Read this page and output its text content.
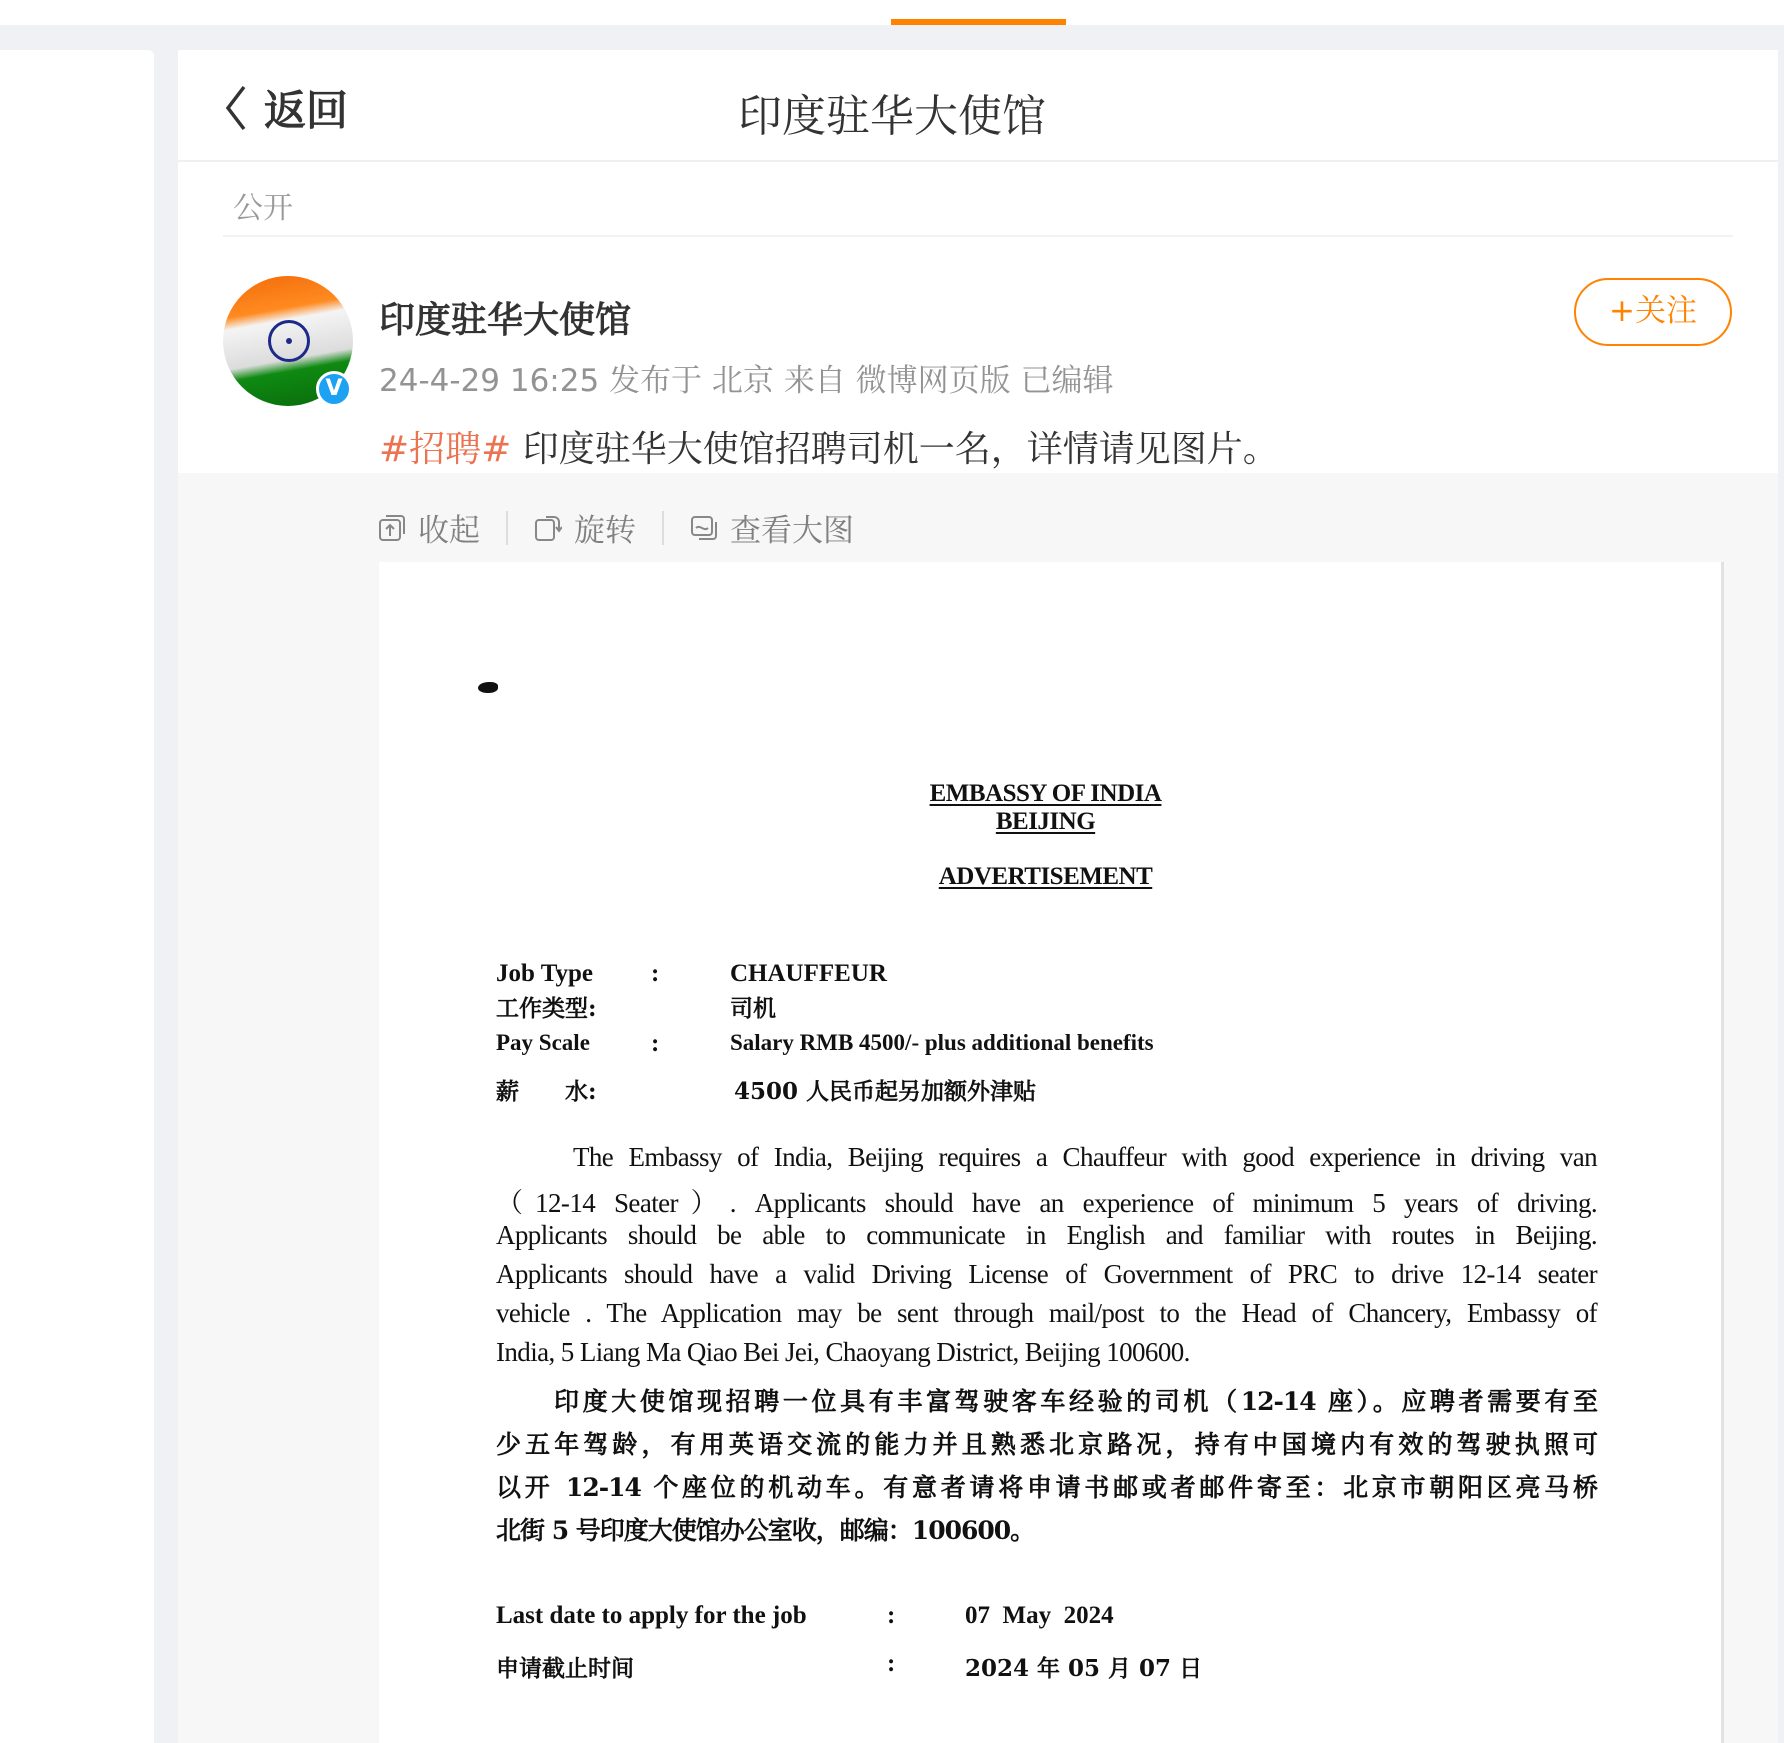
返回	印度驻华大使馆
公开
V
印度驻华大使馆
24-4-29 16:25 发布于 北京 来自 微博网页版 已编辑
+关注
#招聘# 印度驻华大使馆招聘司机一名，详情请见图片。
收起	旋转	查看大图
EMBASSY OF INDIA
BEIJING
ADVERTISEMENT
Job Type :	CHAUFFEUR
工作类型:	司机
Pay Scale :	Salary RMB 4500/- plus additional benefits
薪　　水:	4500 人民币起另加额外津贴
The Embassy of India, Beijing requires a Chauffeur with good experience in driving van
（12-14 Seater）. Applicants should have an experience of minimum 5 years of driving.
Applicants should be able to communicate in English and familiar with routes in Beijing.
Applicants should have a valid Driving License of Government of PRC to drive 12-14 seater
vehicle . The Application may be sent through mail/post to the Head of Chancery, Embassy of
India, 5 Liang Ma Qiao Bei Jei, Chaoyang District, Beijing 100600.
印度大使馆现招聘一位具有丰富驾驶客车经验的司机（12-14 座）。应聘者需要有至
少五年驾龄，有用英语交流的能力并且熟悉北京路况，持有中国境内有效的驾驶执照可
以开 12-14 个座位的机动车。有意者请将申请书邮或者邮件寄至：北京市朝阳区亮马桥
北街 5 号印度大使馆办公室收，邮编：100600。
Last date to apply for the job	:	07  May  2024
申请截止时间	:	2024 年 05 月 07 日
